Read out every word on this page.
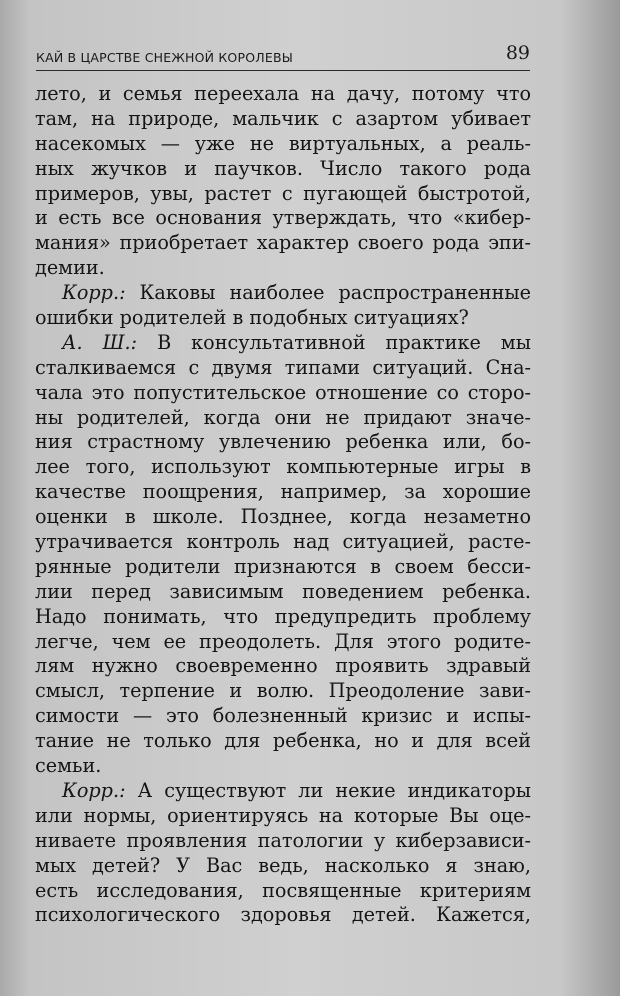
КАЙ В ЦАРСТВЕ СНЕЖНОЙ КОРОЛЕВЫ	89
лето, и семья переехала на дачу, потому что
там, на природе, мальчик с азартом убивает
насекомых — уже не виртуальных, а реаль-
ных жучков и паучков. Число такого рода
примеров, увы, растет с пугающей быстротой,
и есть все основания утверждать, что «кибер-
мания» приобретает характер своего рода эпи-
демии.
Корр.: Каковы наиболее распространенные
ошибки родителей в подобных ситуациях?
А. Ш.: В консультативной практике мы
сталкиваемся с двумя типами ситуаций. Сна-
чала это попустительское отношение со сторо-
ны родителей, когда они не придают значе-
ния страстному увлечению ребенка или, бо-
лее того, используют компьютерные игры в
качестве поощрения, например, за хорошие
оценки в школе. Позднее, когда незаметно
утрачивается контроль над ситуацией, расте-
рянные родители признаются в своем беcси-
лии перед зависимым поведением ребенка.
Надо понимать, что предупредить проблему
легче, чем ее преодолеть. Для этого родите-
лям нужно своевременно проявить здравый
смысл, терпение и волю. Преодоление зави-
симости — это болезненный кризис и испы-
тание не только для ребенка, но и для всей
семьи.
Корр.: А существуют ли некие индикаторы
или нормы, ориентируясь на которые Вы оце-
ниваете проявления патологии у киберзависи-
мых детей? У Вас ведь, насколько я знаю,
есть исследования, посвященные критериям
психологического здоровья детей. Кажется,
